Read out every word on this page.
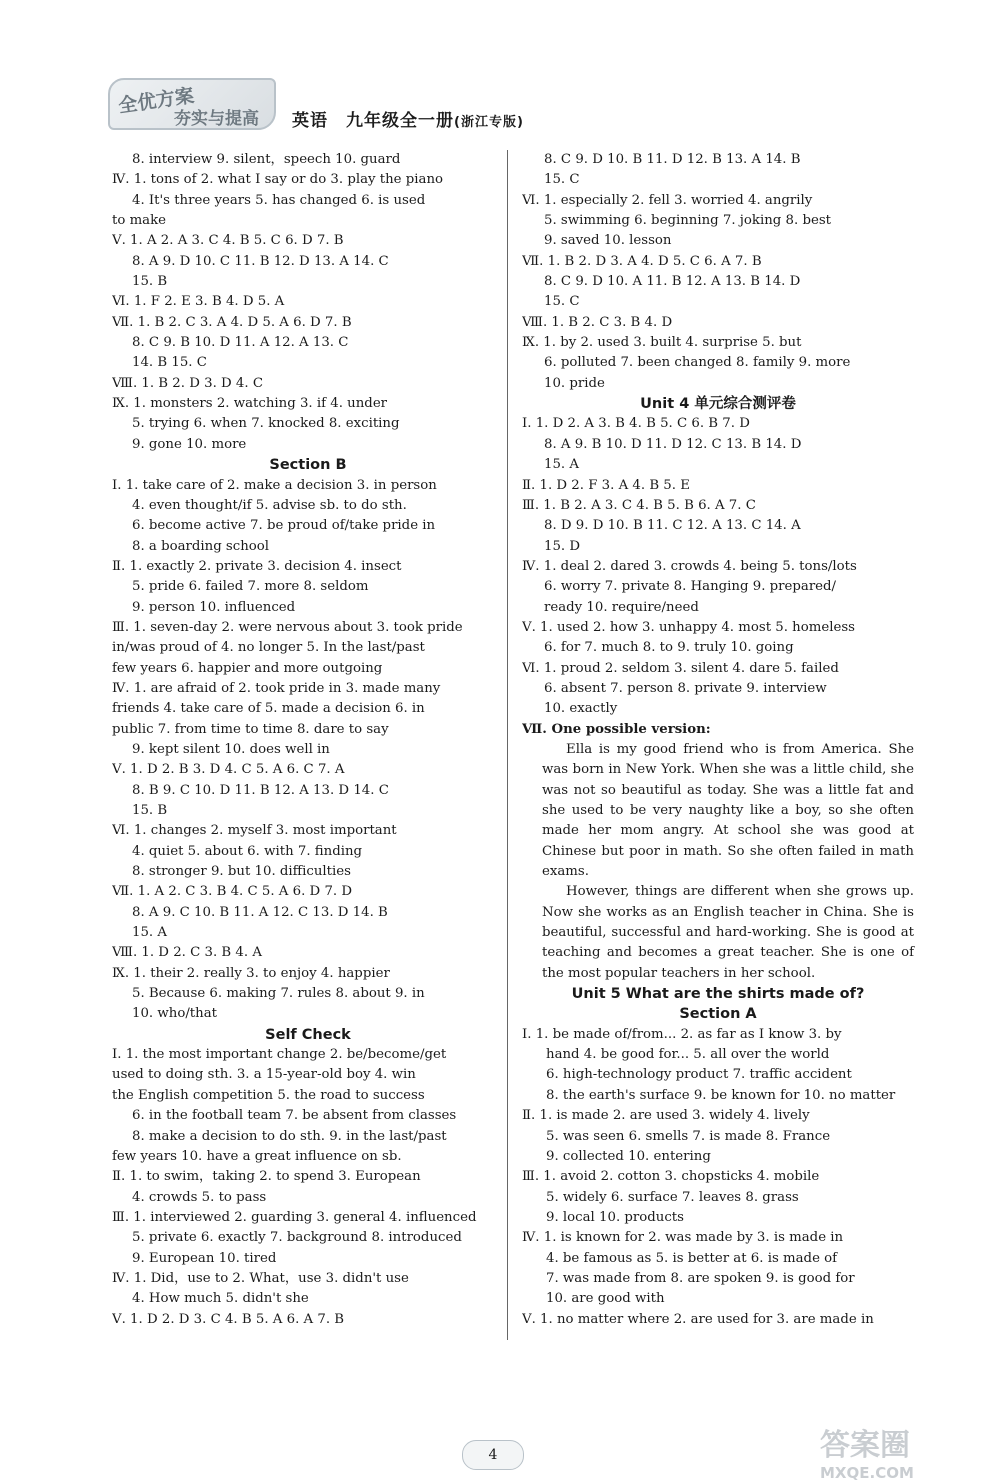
全优方案
夯实与提高 英语　九年级全一册(浙江专版)
8. interview 9. silent，speech 10. guard
Ⅳ. 1. tons of 2. what I say or do 3. play the piano
4. It's three years 5. has changed 6. is used
to make
Ⅴ. 1. A 2. A 3. C 4. B 5. C 6. D 7. B
8. A 9. D 10. C 11. B 12. D 13. A 14. C
15. B
Ⅵ. 1. F 2. E 3. B 4. D 5. A
Ⅶ. 1. B 2. C 3. A 4. D 5. A 6. D 7. B
8. C 9. B 10. D 11. A 12. A 13. C
14. B 15. C
Ⅷ. 1. B 2. D 3. D 4. C
Ⅸ. 1. monsters 2. watching 3. if 4. under
5. trying 6. when 7. knocked 8. exciting
9. gone 10. more
Section B
Ⅰ. 1. take care of 2. make a decision 3. in person
4. even thought/if 5. advise sb. to do sth.
6. become active 7. be proud of/take pride in
8. a boarding school
Ⅱ. 1. exactly 2. private 3. decision 4. insect
5. pride 6. failed 7. more 8. seldom
9. person 10. influenced
Ⅲ. 1. seven-day 2. were nervous about 3. took pride
in/was proud of 4. no longer 5. In the last/past
few years 6. happier and more outgoing
Ⅳ. 1. are afraid of 2. took pride in 3. made many
friends 4. take care of 5. made a decision 6. in
public 7. from time to time 8. dare to say
9. kept silent 10. does well in
Ⅴ. 1. D 2. B 3. D 4. C 5. A 6. C 7. A
8. B 9. C 10. D 11. B 12. A 13. D 14. C
15. B
Ⅵ. 1. changes 2. myself 3. most important
4. quiet 5. about 6. with 7. finding
8. stronger 9. but 10. difficulties
Ⅶ. 1. A 2. C 3. B 4. C 5. A 6. D 7. D
8. A 9. C 10. B 11. A 12. C 13. D 14. B
15. A
Ⅷ. 1. D 2. C 3. B 4. A
Ⅸ. 1. their 2. really 3. to enjoy 4. happier
5. Because 6. making 7. rules 8. about 9. in
10. who/that
Self Check
Ⅰ. 1. the most important change 2. be/become/get
used to doing sth. 3. a 15-year-old boy 4. win
the English competition 5. the road to success
6. in the football team 7. be absent from classes
8. make a decision to do sth. 9. in the last/past
few years 10. have a great influence on sb.
Ⅱ. 1. to swim，taking 2. to spend 3. European
4. crowds 5. to pass
Ⅲ. 1. interviewed 2. guarding 3. general 4. influenced
5. private 6. exactly 7. background 8. introduced
9. European 10. tired
Ⅳ. 1. Did，use to 2. What，use 3. didn't use
4. How much 5. didn't she
Ⅴ. 1. D 2. D 3. C 4. B 5. A 6. A 7. B
8. C 9. D 10. B 11. D 12. B 13. A 14. B
15. C
Ⅵ. 1. especially 2. fell 3. worried 4. angrily
5. swimming 6. beginning 7. joking 8. best
9. saved 10. lesson
Ⅶ. 1. B 2. D 3. A 4. D 5. C 6. A 7. B
8. C 9. D 10. A 11. B 12. A 13. B 14. D
15. C
Ⅷ. 1. B 2. C 3. B 4. D
Ⅸ. 1. by 2. used 3. built 4. surprise 5. but
6. polluted 7. been changed 8. family 9. more
10. pride
Unit 4 单元综合测评卷
Ⅰ. 1. D 2. A 3. B 4. B 5. C 6. B 7. D
8. A 9. B 10. D 11. D 12. C 13. B 14. D
15. A
Ⅱ. 1. D 2. F 3. A 4. B 5. E
Ⅲ. 1. B 2. A 3. C 4. B 5. B 6. A 7. C
8. D 9. D 10. B 11. C 12. A 13. C 14. A
15. D
Ⅳ. 1. deal 2. dared 3. crowds 4. being 5. tons/lots
6. worry 7. private 8. Hanging 9. prepared/
ready 10. require/need
Ⅴ. 1. used 2. how 3. unhappy 4. most 5. homeless
6. for 7. much 8. to 9. truly 10. going
Ⅵ. 1. proud 2. seldom 3. silent 4. dare 5. failed
6. absent 7. person 8. private 9. interview
10. exactly
Ⅶ. One possible version:
Ella is my good friend who is from America. She was born in New York. When she was a little child, she was not so beautiful as today. She was a little fat and she used to be very naughty like a boy, so she often made her mom angry. At school she was good at Chinese but poor in math. So she often failed in math exams.
However, things are different when she grows up. Now she works as an English teacher in China. She is beautiful, successful and hard-working. She is good at teaching and becomes a great teacher. She is one of the most popular teachers in her school.
Unit 5 What are the shirts made of?
Section A
Ⅰ. 1. be made of/from... 2. as far as I know 3. by
hand 4. be good for... 5. all over the world
6. high-technology product 7. traffic accident
8. the earth's surface 9. be known for 10. no matter
Ⅱ. 1. is made 2. are used 3. widely 4. lively
5. was seen 6. smells 7. is made 8. France
9. collected 10. entering
Ⅲ. 1. avoid 2. cotton 3. chopsticks 4. mobile
5. widely 6. surface 7. leaves 8. grass
9. local 10. products
Ⅳ. 1. is known for 2. was made by 3. is made in
4. be famous as 5. is better at 6. is made of
7. was made from 8. are spoken 9. is good for
10. are good with
Ⅴ. 1. no matter where 2. are used for 3. are made in
4	答案圈
MXQE.COM
